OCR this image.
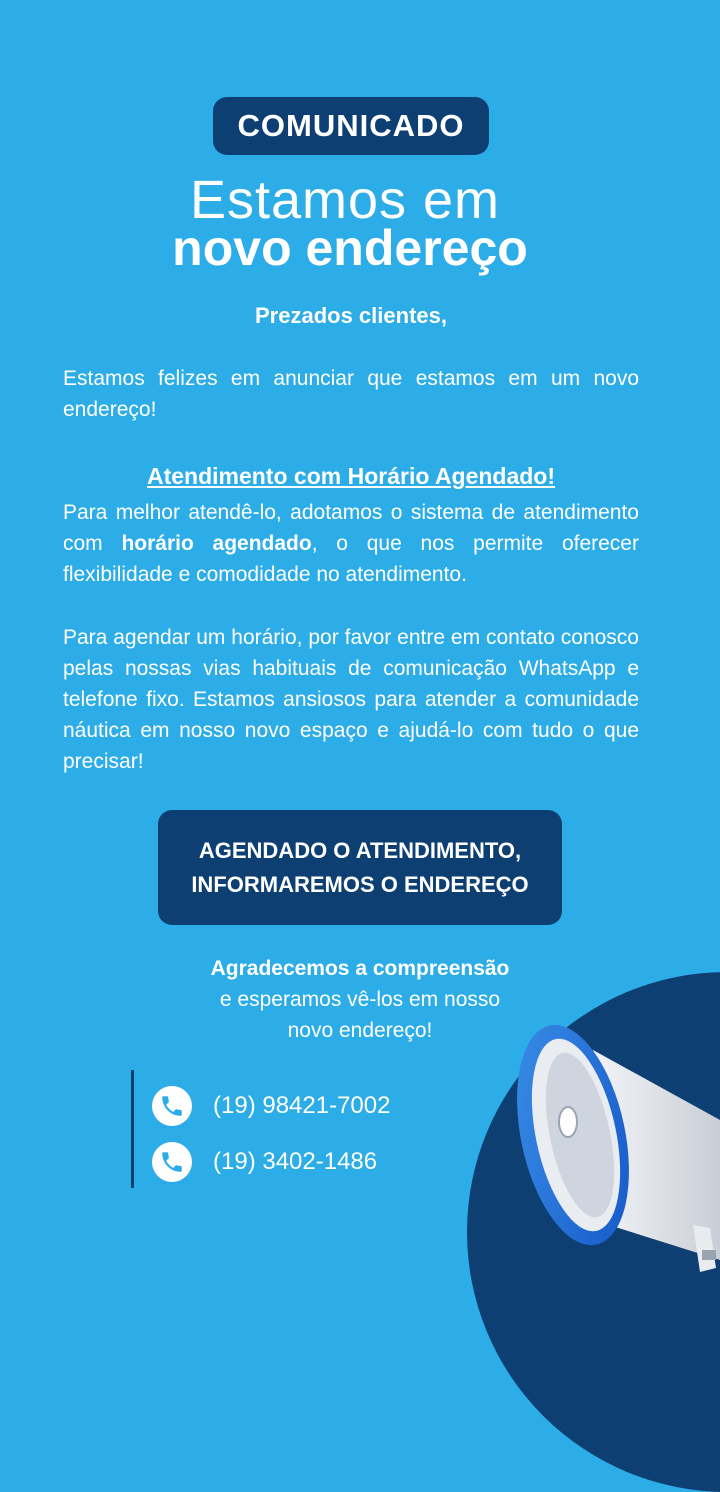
COMUNICADO
Estamos em
novo endereço
Prezados clientes,
Estamos felizes em anunciar que estamos em um novo endereço!
Atendimento com Horário Agendado!
Para melhor atendê-lo, adotamos o sistema de atendimento com horário agendado, o que nos permite oferecer flexibilidade e comodidade no atendimento.
Para agendar um horário, por favor entre em contato conosco pelas nossas vias habituais de comunicação WhatsApp e telefone fixo. Estamos ansiosos para atender a comunidade náutica em nosso novo espaço e ajudá-lo com tudo o que precisar!
AGENDADO O ATENDIMENTO,
INFORMAREMOS O ENDEREÇO
Agradecemos a compreensão
e esperamos vê-los em nosso
novo endereço!
(19) 98421-7002
(19) 3402-1486
